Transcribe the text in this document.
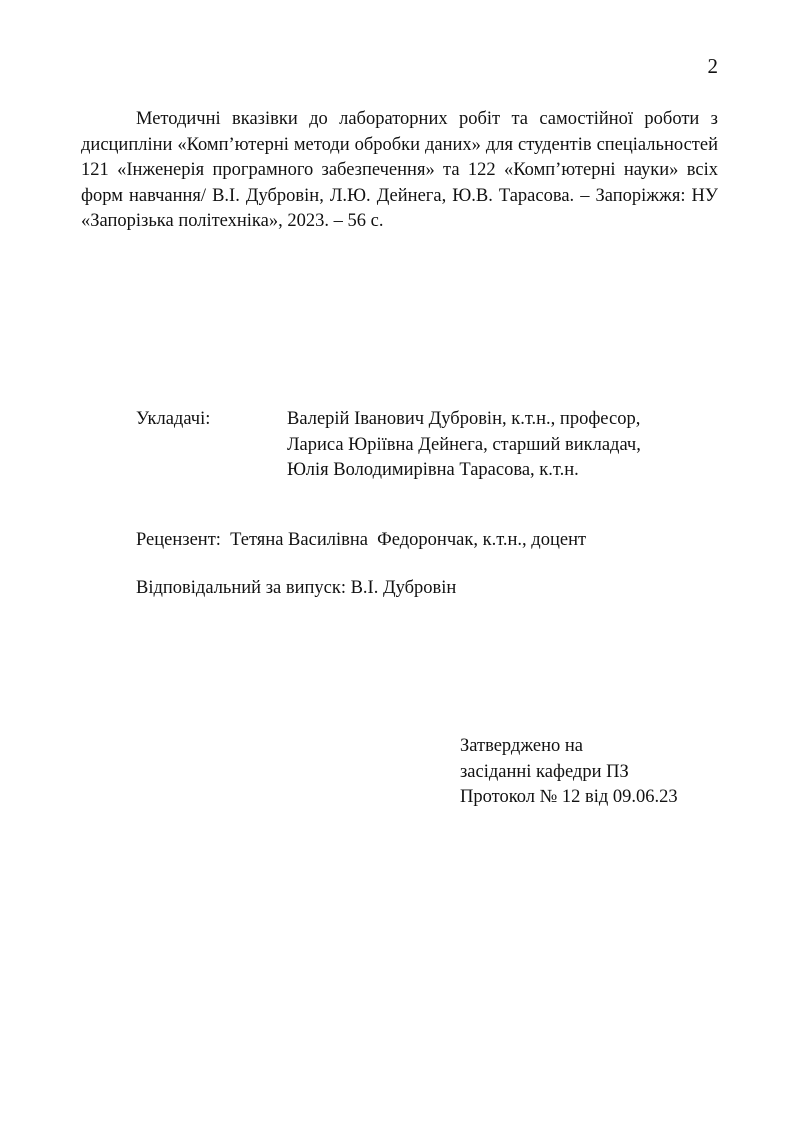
2

Методичні вказівки до лабораторних робіт та самостійної роботи з дисципліни «Комп’ютерні методи обробки даних» для студентів спеціальностей 121 «Інженерія програмного забезпечення» та 122 «Комп’ютерні науки» всіх форм навчання/ В.І. Дубровін, Л.Ю. Дейнега, Ю.В. Тарасова. – Запоріжжя: НУ «Запорізька політехніка», 2023. – 56 с.

Укладачі:	Валерій Іванович Дубровін, к.т.н., професор,
Лариса Юріївна Дейнега, старший викладач,
Юлія Володимирівна Тарасова, к.т.н.
Рецензент:  Тетяна Василівна  Федорончак, к.т.н., доцент
Відповідальний за випуск: В.І. Дубровін
Затверджено на
засіданні кафедри ПЗ
Протокол № 12 від 09.06.23
